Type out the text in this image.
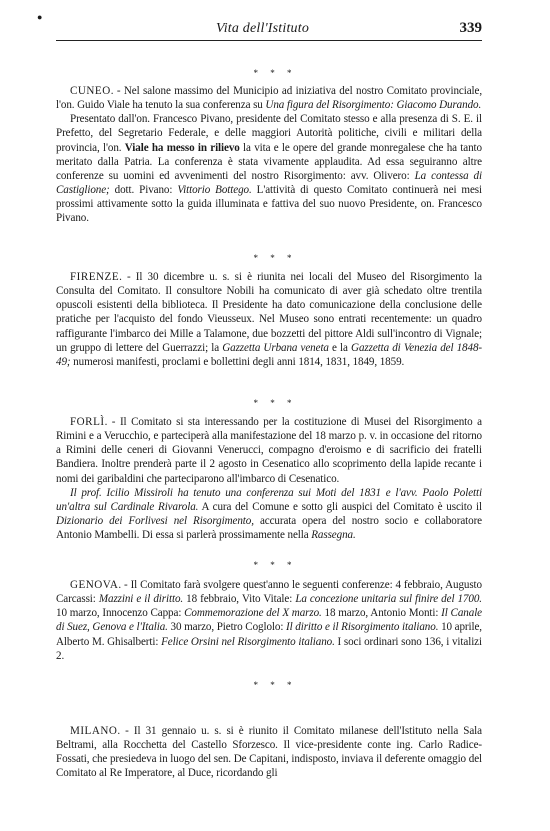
●
Vita dell'Istituto	339
* * *

CUNEO. - Nel salone massimo del Municipio ad iniziativa del nostro Comitato provinciale, l'on. Guido Viale ha tenuto la sua conferenza su Una figura del Risorgimento: Giacomo Durando.

Presentato dall'on. Francesco Pivano, presidente del Comitato stesso e alla presenza di S. E. il Prefetto, del Segretario Federale, e delle maggiori Autorità politiche, civili e militari della provincia, l'on. Viale ha messo in rilievo la vita e le opere del grande monregalese che ha tanto meritato dalla Patria. La conferenza è stata vivamente applaudita. Ad essa seguiranno altre conferenze su uomini ed avvenimenti del nostro Risorgimento: avv. Olivero: La contessa di Castiglione; dott. Pivano: Vittorio Bottego. L'attività di questo Comitato continuerà nei mesi prossimi attivamente sotto la guida illuminata e fattiva del suo nuovo Presidente, on. Francesco Pivano.

* * *

FIRENZE. - Il 30 dicembre u. s. si è riunita nei locali del Museo del Risorgimento la Consulta del Comitato. Il consultore Nobili ha comunicato di aver già schedato oltre trentila opuscoli esistenti della biblioteca. Il Presidente ha dato comunicazione della conclusione delle pratiche per l'acquisto del fondo Vieusseux. Nel Museo sono entrati recentemente: un quadro raffigurante l'imbarco dei Mille a Talamone, due bozzetti del pittore Aldi sull'incontro di Vignale; un gruppo di lettere del Guerrazzi; la Gazzetta Urbana veneta e la Gazzetta di Venezia del 1848-49; numerosi manifesti, proclami e bollettini degli anni 1814, 1831, 1849, 1859.

* * *

FORLÌ. - Il Comitato si sta interessando per la costituzione di Musei del Risorgimento a Rimini e a Verucchio, e parteciperà alla manifestazione del 18 marzo p. v. in occasione del ritorno a Rimini delle ceneri di Giovanni Venerucci, compagno d'eroismo e di sacrificio dei fratelli Bandiera. Inoltre prenderà parte il 2 agosto in Cesenatico allo scoprimento della lapide recante i nomi dei garibaldini che parteciparono all'imbarco di Cesenatico.

Il prof. Icilio Missiroli ha tenuto una conferenza sui Moti del 1831 e l'avv. Paolo Poletti un'altra sul Cardinale Rivarola. A cura del Comune e sotto gli auspici del Comitato è uscito il Dizionario dei Forlivesi nel Risorgimento, accurata opera del nostro socio e collaboratore Antonio Mambelli. Di essa si parlerà prossimamente nella Rassegna.

* * *

GENOVA. - Il Comitato farà svolgere quest'anno le seguenti conferenze: 4 febbraio, Augusto Carcassi: Mazzini e il diritto. 18 febbraio, Vito Vitale: La concezione unitaria sul finire del 1700. 10 marzo, Innocenzo Cappa: Commemorazione del X marzo. 18 marzo, Antonio Monti: Il Canale di Suez, Genova e l'Italia. 30 marzo, Pietro Coglolo: Il diritto e il Risorgimento italiano. 10 aprile, Alberto M. Ghisalberti: Felice Orsini nel Risorgimento italiano. I soci ordinari sono 136, i vitalizi 2.

* * *

MILANO. - Il 31 gennaio u. s. si è riunito il Comitato milanese dell'Istituto nella Sala Beltrami, alla Rocchetta del Castello Sforzesco. Il vice-presidente conte ing. Carlo Radice-Fossati, che presiedeva in luogo del sen. De Capitani, indisposto, inviava il deferente omaggio del Comitato al Re Imperatore, al Duce, ricordando gli
